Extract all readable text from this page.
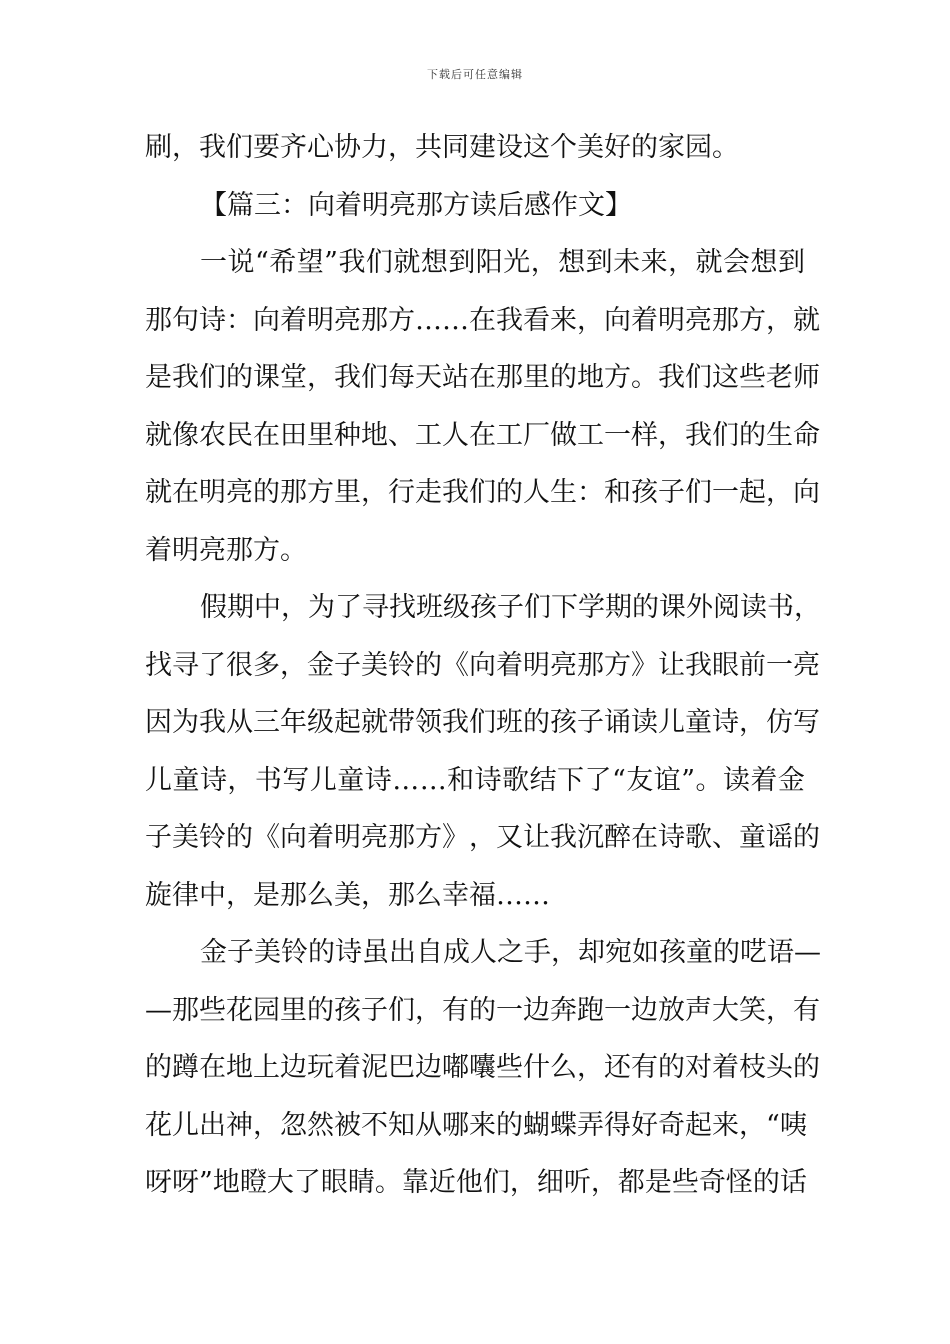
下载后可任意编辑
刷 ， 我 们 要 齐 心 协 力 ， 共 同 建 设 这 个 美 好 的 家 园 。
【 篇 三 ： 向 着 明 亮 那 方 读 后 感 作 文 】
一 说 “ 希 望 ” 我 们 就 想 到 阳 光 ， 想 到 未 来 ， 就 会 想 到
那 句 诗 ： 向 着 明 亮 那 方 … … 在 我 看 来 ， 向 着 明 亮 那 方 ， 就
是 我 们 的 课 堂 ， 我 们 每 天 站 在 那 里 的 地 方 。 我 们 这 些 老 师
就 像 农 民 在 田 里 种 地 、 工 人 在 工 厂 做 工 一 样 ， 我 们 的 生 命
就 在 明 亮 的 那 方 里 ， 行 走 我 们 的 人 生 ： 和 孩 子 们 一 起 ， 向
着 明 亮 那 方 。
假 期 中 ， 为 了 寻 找 班 级 孩 子 们 下 学 期 的 课 外 阅 读 书 ，
找 寻 了 很 多 ， 金 子 美 铃 的 《 向 着 明 亮 那 方 》 让 我 眼 前 一 亮
因 为 我 从 三 年 级 起 就 带 领 我 们 班 的 孩 子 诵 读 儿 童 诗 ， 仿 写
儿 童 诗 ， 书 写 儿 童 诗 … … 和 诗 歌 结 下 了 “ 友 谊 ” 。 读 着 金
子 美 铃 的 《 向 着 明 亮 那 方 》 ， 又 让 我 沉 醉 在 诗 歌 、 童 谣 的
旋 律 中 ， 是 那 么 美 ， 那 么 幸 福 … …
金 子 美 铃 的 诗 虽 出 自 成 人 之 手 ， 却 宛 如 孩 童 的 呓 语 —
— 那 些 花 园 里 的 孩 子 们 ， 有 的 一 边 奔 跑 一 边 放 声 大 笑 ， 有
的 蹲 在 地 上 边 玩 着 泥 巴 边 嘟 囔 些 什 么 ， 还 有 的 对 着 枝 头 的
花 儿 出 神 ， 忽 然 被 不 知 从 哪 来 的 蝴 蝶 弄 得 好 奇 起 来 ， “ 咦
呀 呀 ” 地 瞪 大 了 眼 睛 。 靠 近 他 们 ， 细 听 ， 都 是 些 奇 怪 的 话
